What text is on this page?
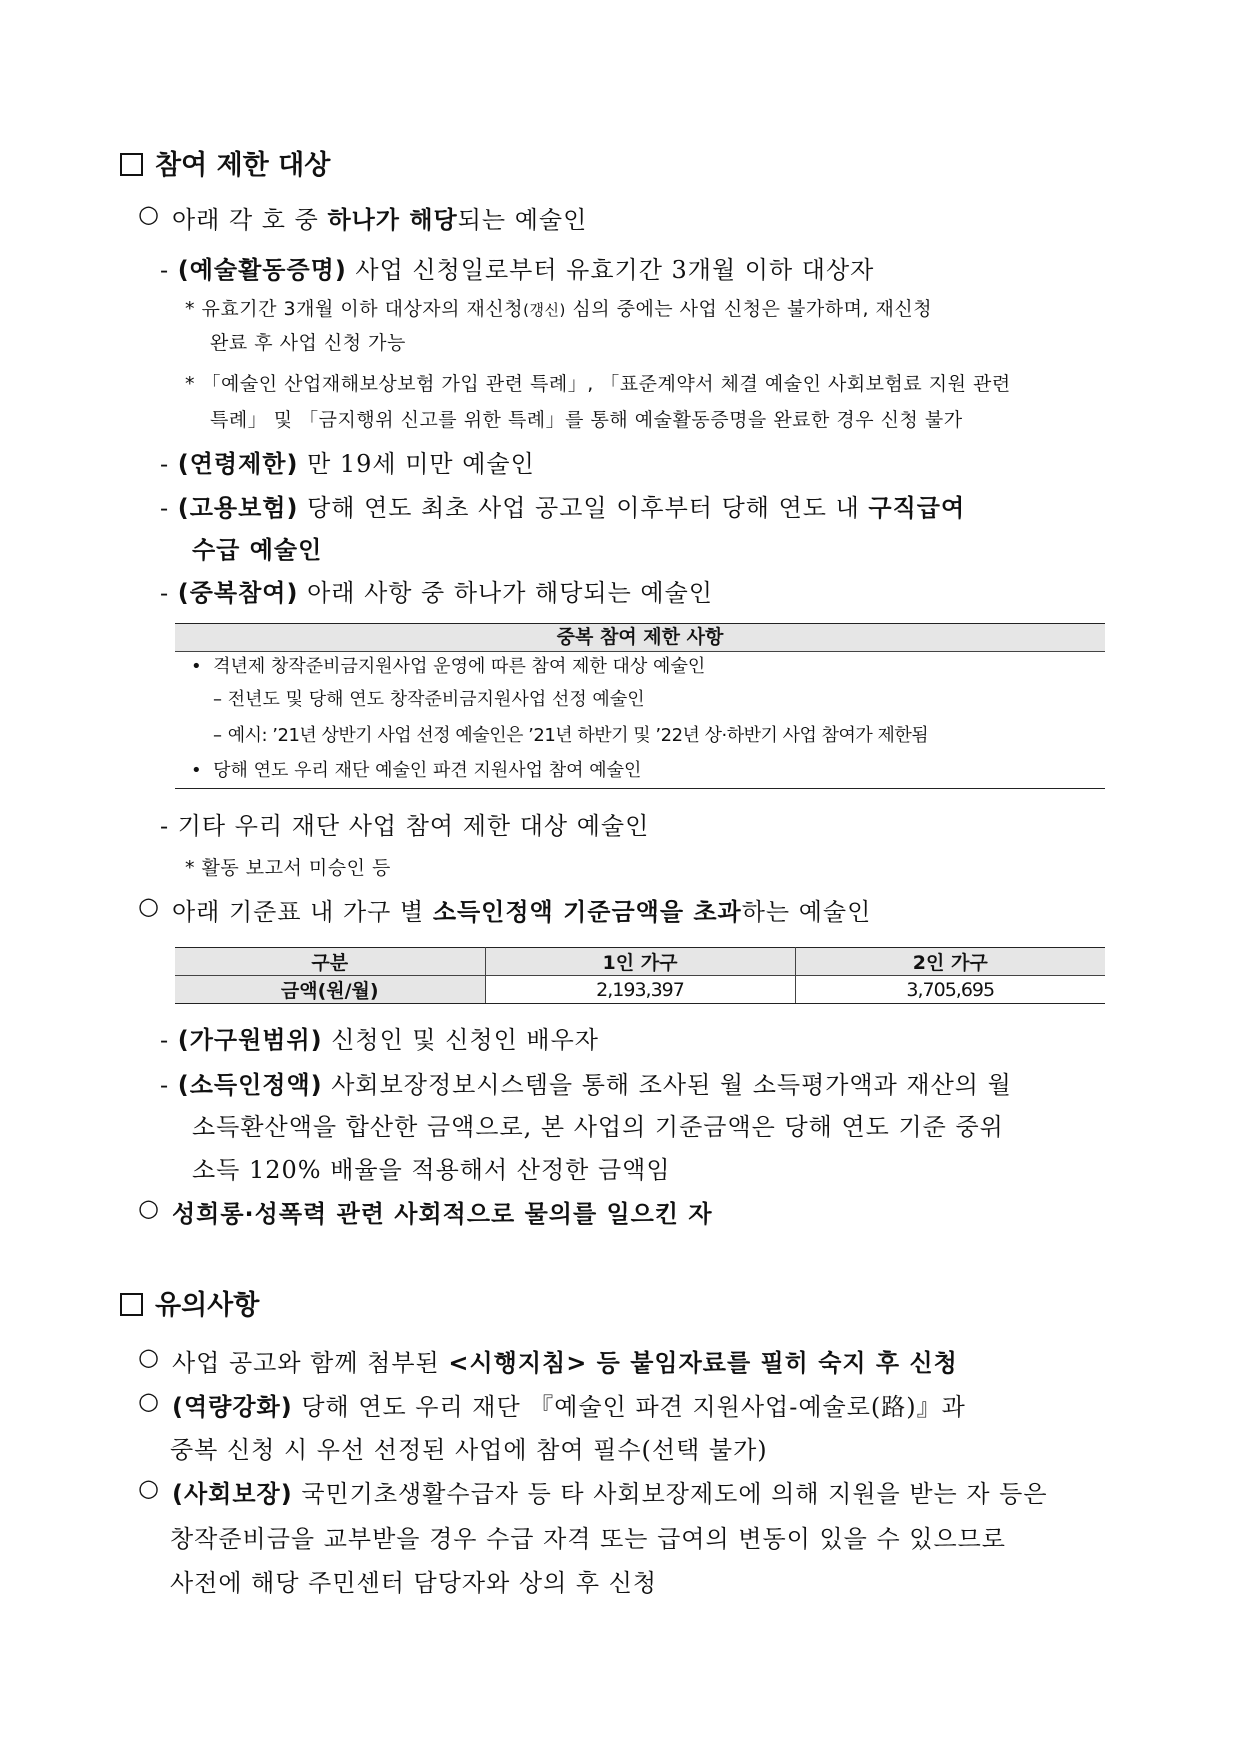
참여 제한 대상
○ 아래 각 호 중 하나가 해당되는 예술인
- (예술활동증명) 사업 신청일로부터 유효기간 3개월 이하 대상자
* 유효기간 3개월 이하 대상자의 재신청(갱신) 심의 중에는 사업 신청은 불가하며, 재신청
완료 후 사업 신청 가능
* 「예술인 산업재해보상보험 가입 관련 특례」, 「표준계약서 체결 예술인 사회보험료 지원 관련
특례」 및 「금지행위 신고를 위한 특례」를 통해 예술활동증명을 완료한 경우 신청 불가
- (연령제한) 만 19세 미만 예술인
- (고용보험) 당해 연도 최초 사업 공고일 이후부터 당해 연도 내 구직급여
수급 예술인
- (중복참여) 아래 사항 중 하나가 해당되는 예술인
중복 참여 제한 사항
• 격년제 창작준비금지원사업 운영에 따른 참여 제한 대상 예술인
– 전년도 및 당해 연도 창작준비금지원사업 선정 예술인
– 예시: ’21년 상반기 사업 선정 예술인은 ’21년 하반기 및 ’22년 상·하반기 사업 참여가 제한됨
• 당해 연도 우리 재단 예술인 파견 지원사업 참여 예술인
- 기타 우리 재단 사업 참여 제한 대상 예술인
* 활동 보고서 미승인 등
○ 아래 기준표 내 가구 별 소득인정액 기준금액을 초과하는 예술인
구분	1인 가구	2인 가구
금액(원/월)	2,193,397	3,705,695
- (가구원범위) 신청인 및 신청인 배우자
- (소득인정액) 사회보장정보시스템을 통해 조사된 월 소득평가액과 재산의 월
소득환산액을 합산한 금액으로, 본 사업의 기준금액은 당해 연도 기준 중위
소득 120% 배율을 적용해서 산정한 금액임
○ 성희롱·성폭력 관련 사회적으로 물의를 일으킨 자
유의사항
○ 사업 공고와 함께 첨부된 <시행지침> 등 붙임자료를 필히 숙지 후 신청
○ (역량강화) 당해 연도 우리 재단 『예술인 파견 지원사업-예술로(路)』과
중복 신청 시 우선 선정된 사업에 참여 필수(선택 불가)
○ (사회보장) 국민기초생활수급자 등 타 사회보장제도에 의해 지원을 받는 자 등은
창작준비금을 교부받을 경우 수급 자격 또는 급여의 변동이 있을 수 있으므로
사전에 해당 주민센터 담당자와 상의 후 신청
